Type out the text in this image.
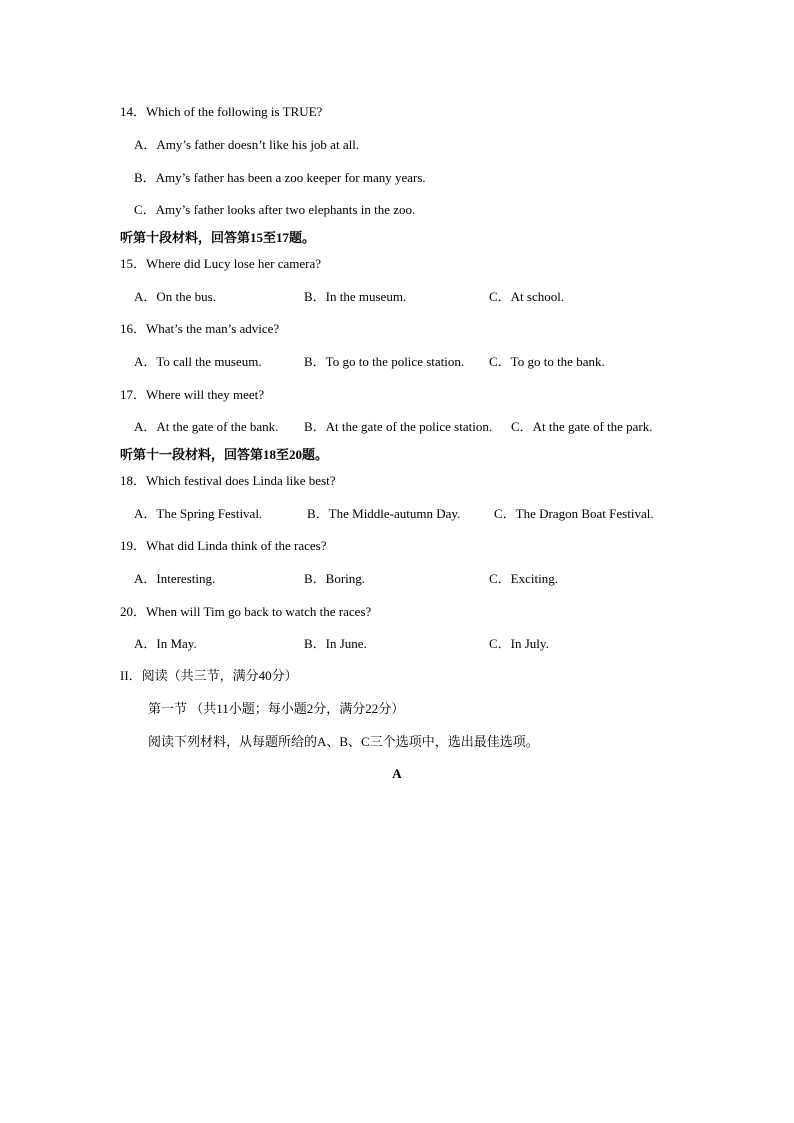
14．Which of the following is TRUE?
A．Amy’s father doesn’t like his job at all.
B．Amy’s father has been a zoo keeper for many years.
C．Amy’s father looks after two elephants in the zoo.
听第十段材料，回答第15至17题。
15．Where did Lucy lose her camera?
A．On the bus.	B．In the museum.	C．At school.
16．What’s the man’s advice?
A．To call the museum.	B．To go to the police station. C．To go to the bank.
17．Where will they meet?
A．At the gate of the bank. B．At the gate of the police station. C．At the gate of the park.
听第十一段材料，回答第18至20题。
18．Which festival does Linda like best?
A．The Spring Festival.	B．The Middle-autumn Day.	C．The Dragon Boat Festival.
19．What did Linda think of the races?
A．Interesting.	B．Boring.	C．Exciting.
20．When will Tim go back to watch the races?
A．In May.	B．In June.	C．In July.
II．阅读（共三节，满分40分）
第一节 （共11小题；每小题2分，满分22分）
阅读下列材料，从每题所给的A、B、C三个选项中，选出最佳选项。
A
